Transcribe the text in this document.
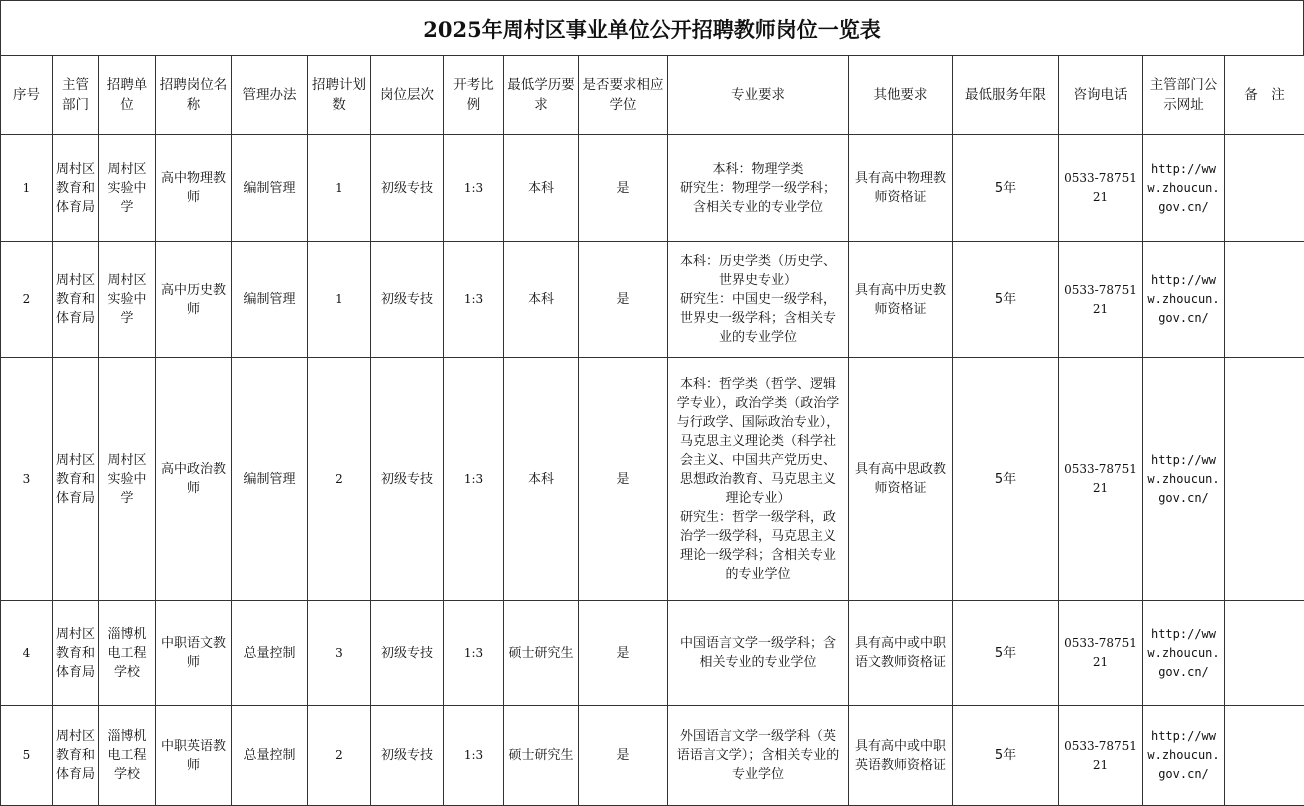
2025年周村区事业单位公开招聘教师岗位一览表
序号	主管部门	招聘单位	招聘岗位名称	管理办法	招聘计划数	岗位层次	开考比例	最低学历要求	是否要求相应学位	专业要求	其他要求	最低服务年限	咨询电话	主管部门公示网址	备　注
1	周村区教育和体育局	周村区实验中学	高中物理教师	编制管理	1	初级专技	1:3	本科	是	本科：物理学类
研究生：物理学一级学科；含相关专业的专业学位	具有高中物理教师资格证	5年	0533-7875121	http://www.zhoucun.gov.cn/	
2	周村区教育和体育局	周村区实验中学	高中历史教师	编制管理	1	初级专技	1:3	本科	是	本科：历史学类（历史学、世界史专业）
研究生：中国史一级学科，世界史一级学科；含相关专业的专业学位	具有高中历史教师资格证	5年	0533-7875121	http://www.zhoucun.gov.cn/	
3	周村区教育和体育局	周村区实验中学	高中政治教师	编制管理	2	初级专技	1:3	本科	是	本科：哲学类（哲学、逻辑学专业），政治学类（政治学与行政学、国际政治专业），马克思主义理论类（科学社会主义、中国共产党历史、思想政治教育、马克思主义理论专业）
研究生：哲学一级学科，政治学一级学科，马克思主义理论一级学科；含相关专业的专业学位	具有高中思政教师资格证	5年	0533-7875121	http://www.zhoucun.gov.cn/	
4	周村区教育和体育局	淄博机电工程学校	中职语文教师	总量控制	3	初级专技	1:3	硕士研究生	是	中国语言文学一级学科；含相关专业的专业学位	具有高中或中职语文教师资格证	5年	0533-7875121	http://www.zhoucun.gov.cn/	
5	周村区教育和体育局	淄博机电工程学校	中职英语教师	总量控制	2	初级专技	1:3	硕士研究生	是	外国语言文学一级学科（英语语言文学）；含相关专业的专业学位	具有高中或中职英语教师资格证	5年	0533-7875121	http://www.zhoucun.gov.cn/	
